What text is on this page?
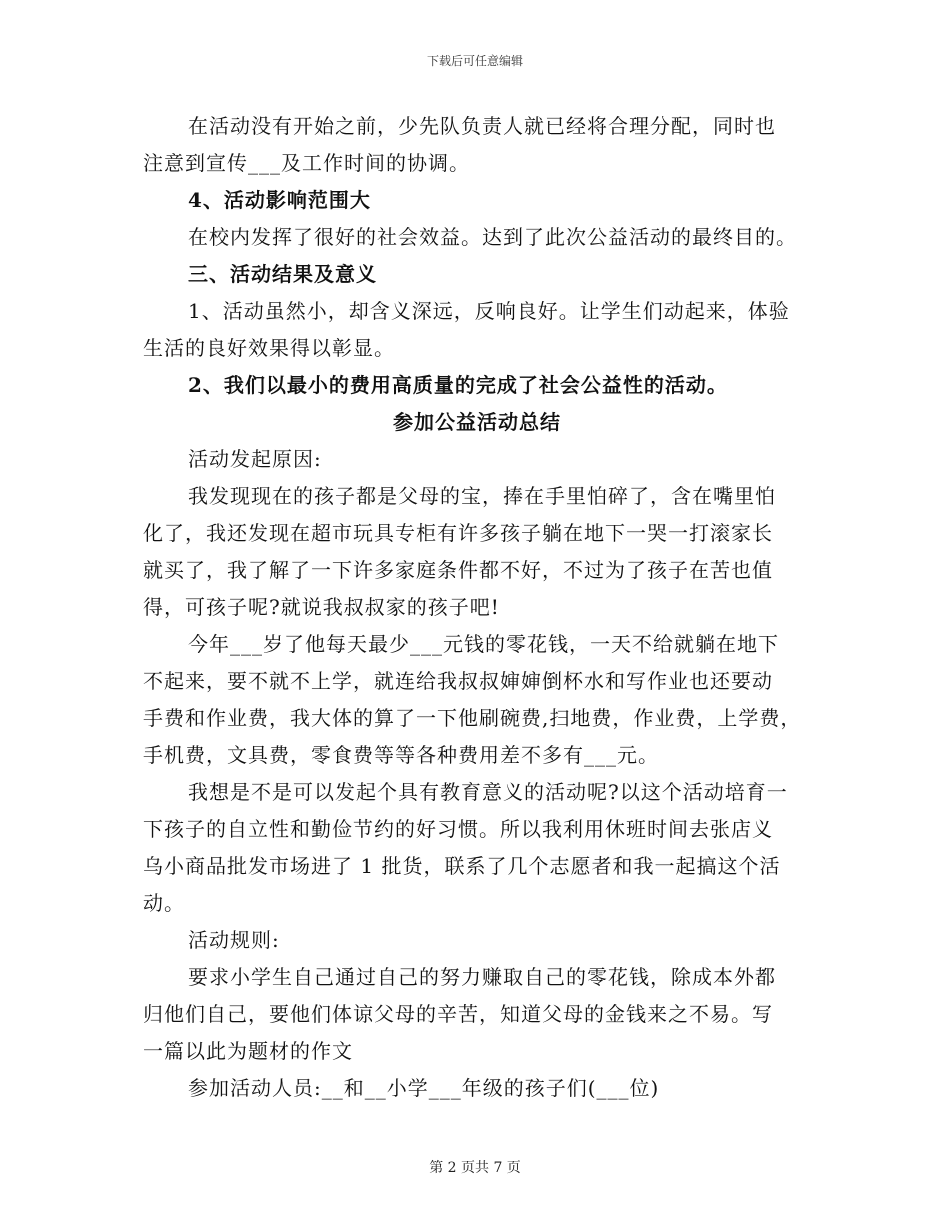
下载后可任意编辑
在活动没有开始之前，少先队负责人就已经将合理分配，同时也
注意到宣传___及工作时间的协调。
4、活动影响范围大
在校内发挥了很好的社会效益。达到了此次公益活动的最终目的。
三、活动结果及意义
1、活动虽然小，却含义深远，反响良好。让学生们动起来，体验
生活的良好效果得以彰显。
2、我们以最小的费用高质量的完成了社会公益性的活动。
参加公益活动总结
活动发起原因:
我发现现在的孩子都是父母的宝，捧在手里怕碎了，含在嘴里怕
化了，我还发现在超市玩具专柜有许多孩子躺在地下一哭一打滚家长
就买了，我了解了一下许多家庭条件都不好，不过为了孩子在苦也值
得，可孩子呢?就说我叔叔家的孩子吧!
今年___岁了他每天最少___元钱的零花钱，一天不给就躺在地下
不起来，要不就不上学，就连给我叔叔婶婶倒杯水和写作业也还要动
手费和作业费，我大体的算了一下他刷碗费,扫地费，作业费，上学费，
手机费，文具费，零食费等等各种费用差不多有___元。
我想是不是可以发起个具有教育意义的活动呢?以这个活动培育一
下孩子的自立性和勤俭节约的好习惯。所以我利用休班时间去张店义
乌小商品批发市场进了 1 批货，联系了几个志愿者和我一起搞这个活
动。
活动规则:
要求小学生自己通过自己的努力赚取自己的零花钱，除成本外都
归他们自己，要他们体谅父母的辛苦，知道父母的金钱来之不易。写
一篇以此为题材的作文
参加活动人员:__和__小学___年级的孩子们(___位)
第 2 页共 7 页
